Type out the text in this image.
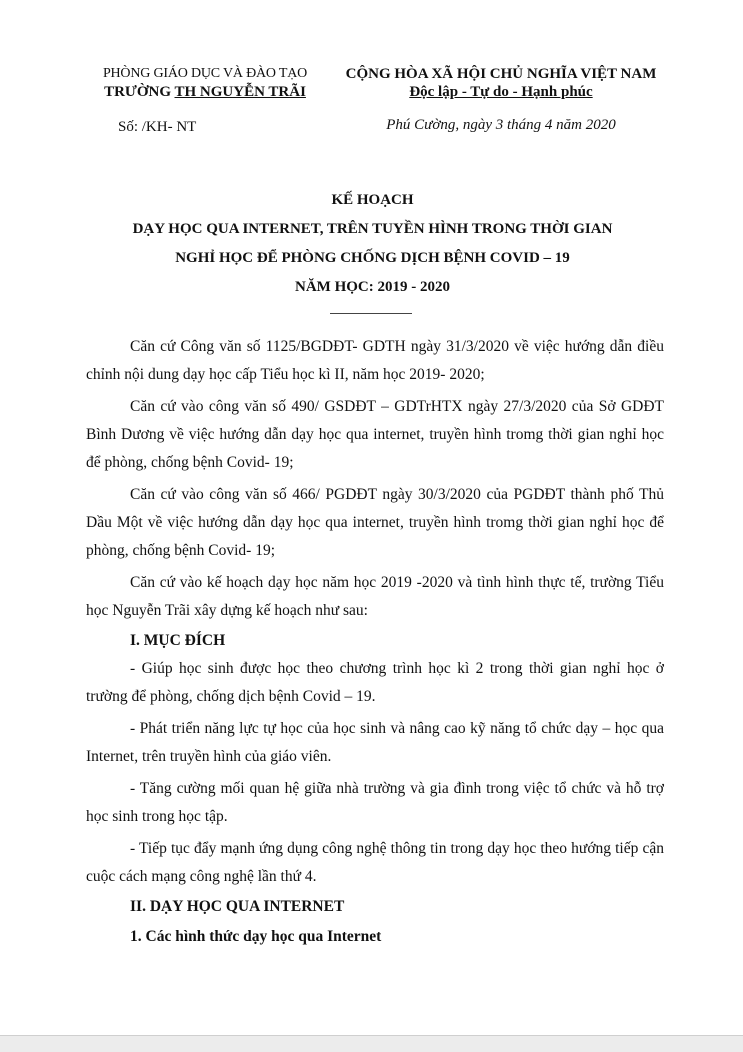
PHÒNG GIÁO DỤC VÀ ĐÀO TẠO
TRƯỜNG TH NGUYỄN TRÃI
Số: /KH- NT
CỘNG HÒA XÃ HỘI CHỦ NGHĨA VIỆT NAM
Độc lập - Tự do - Hạnh phúc
Phú Cường, ngày 3 tháng 4 năm 2020
KẾ HOẠCH
DẠY HỌC QUA INTERNET, TRÊN TUYỀN HÌNH TRONG THỜI GIAN
NGHỈ HỌC ĐỂ PHÒNG CHỐNG DỊCH BỆNH COVID – 19
NĂM HỌC: 2019 - 2020

Căn cứ Công văn số 1125/BGDĐT- GDTH ngày 31/3/2020 về việc hướng dẫn điều chỉnh nội dung dạy học cấp Tiểu học kì II, năm học 2019- 2020;

Căn cứ vào công văn số 490/ GSDĐT – GDTrHTX ngày 27/3/2020 của Sở GDĐT Bình Dương về việc hướng dẫn dạy học qua internet, truyền hình tromg thời gian nghỉ học để phòng, chống bệnh Covid- 19;

Căn cứ vào công văn số 466/ PGDĐT ngày 30/3/2020 của PGDĐT thành phố Thủ Dầu Một về việc hướng dẫn dạy học qua internet, truyền hình tromg thời gian nghỉ học để phòng, chống bệnh Covid- 19;

Căn cứ vào kế hoạch dạy học năm học 2019 -2020 và tình hình thực tế, trường Tiểu học Nguyễn Trãi xây dựng kế hoạch như sau:

I. MỤC ĐÍCH

- Giúp học sinh được học theo chương trình học kì 2 trong thời gian nghỉ học ở trường để phòng, chống dịch bệnh Covid – 19.

- Phát triển năng lực tự học của học sinh và nâng cao kỹ năng tổ chức dạy – học qua Internet, trên truyền hình của giáo viên.

- Tăng cường mối quan hệ giữa nhà trường và gia đình trong việc tổ chức và hỗ trợ học sinh trong học tập.

- Tiếp tục đẩy mạnh ứng dụng công nghệ thông tin trong dạy học theo hướng tiếp cận cuộc cách mạng công nghệ lần thứ 4.

II. DẠY HỌC QUA INTERNET

1. Các hình thức dạy học qua Internet
